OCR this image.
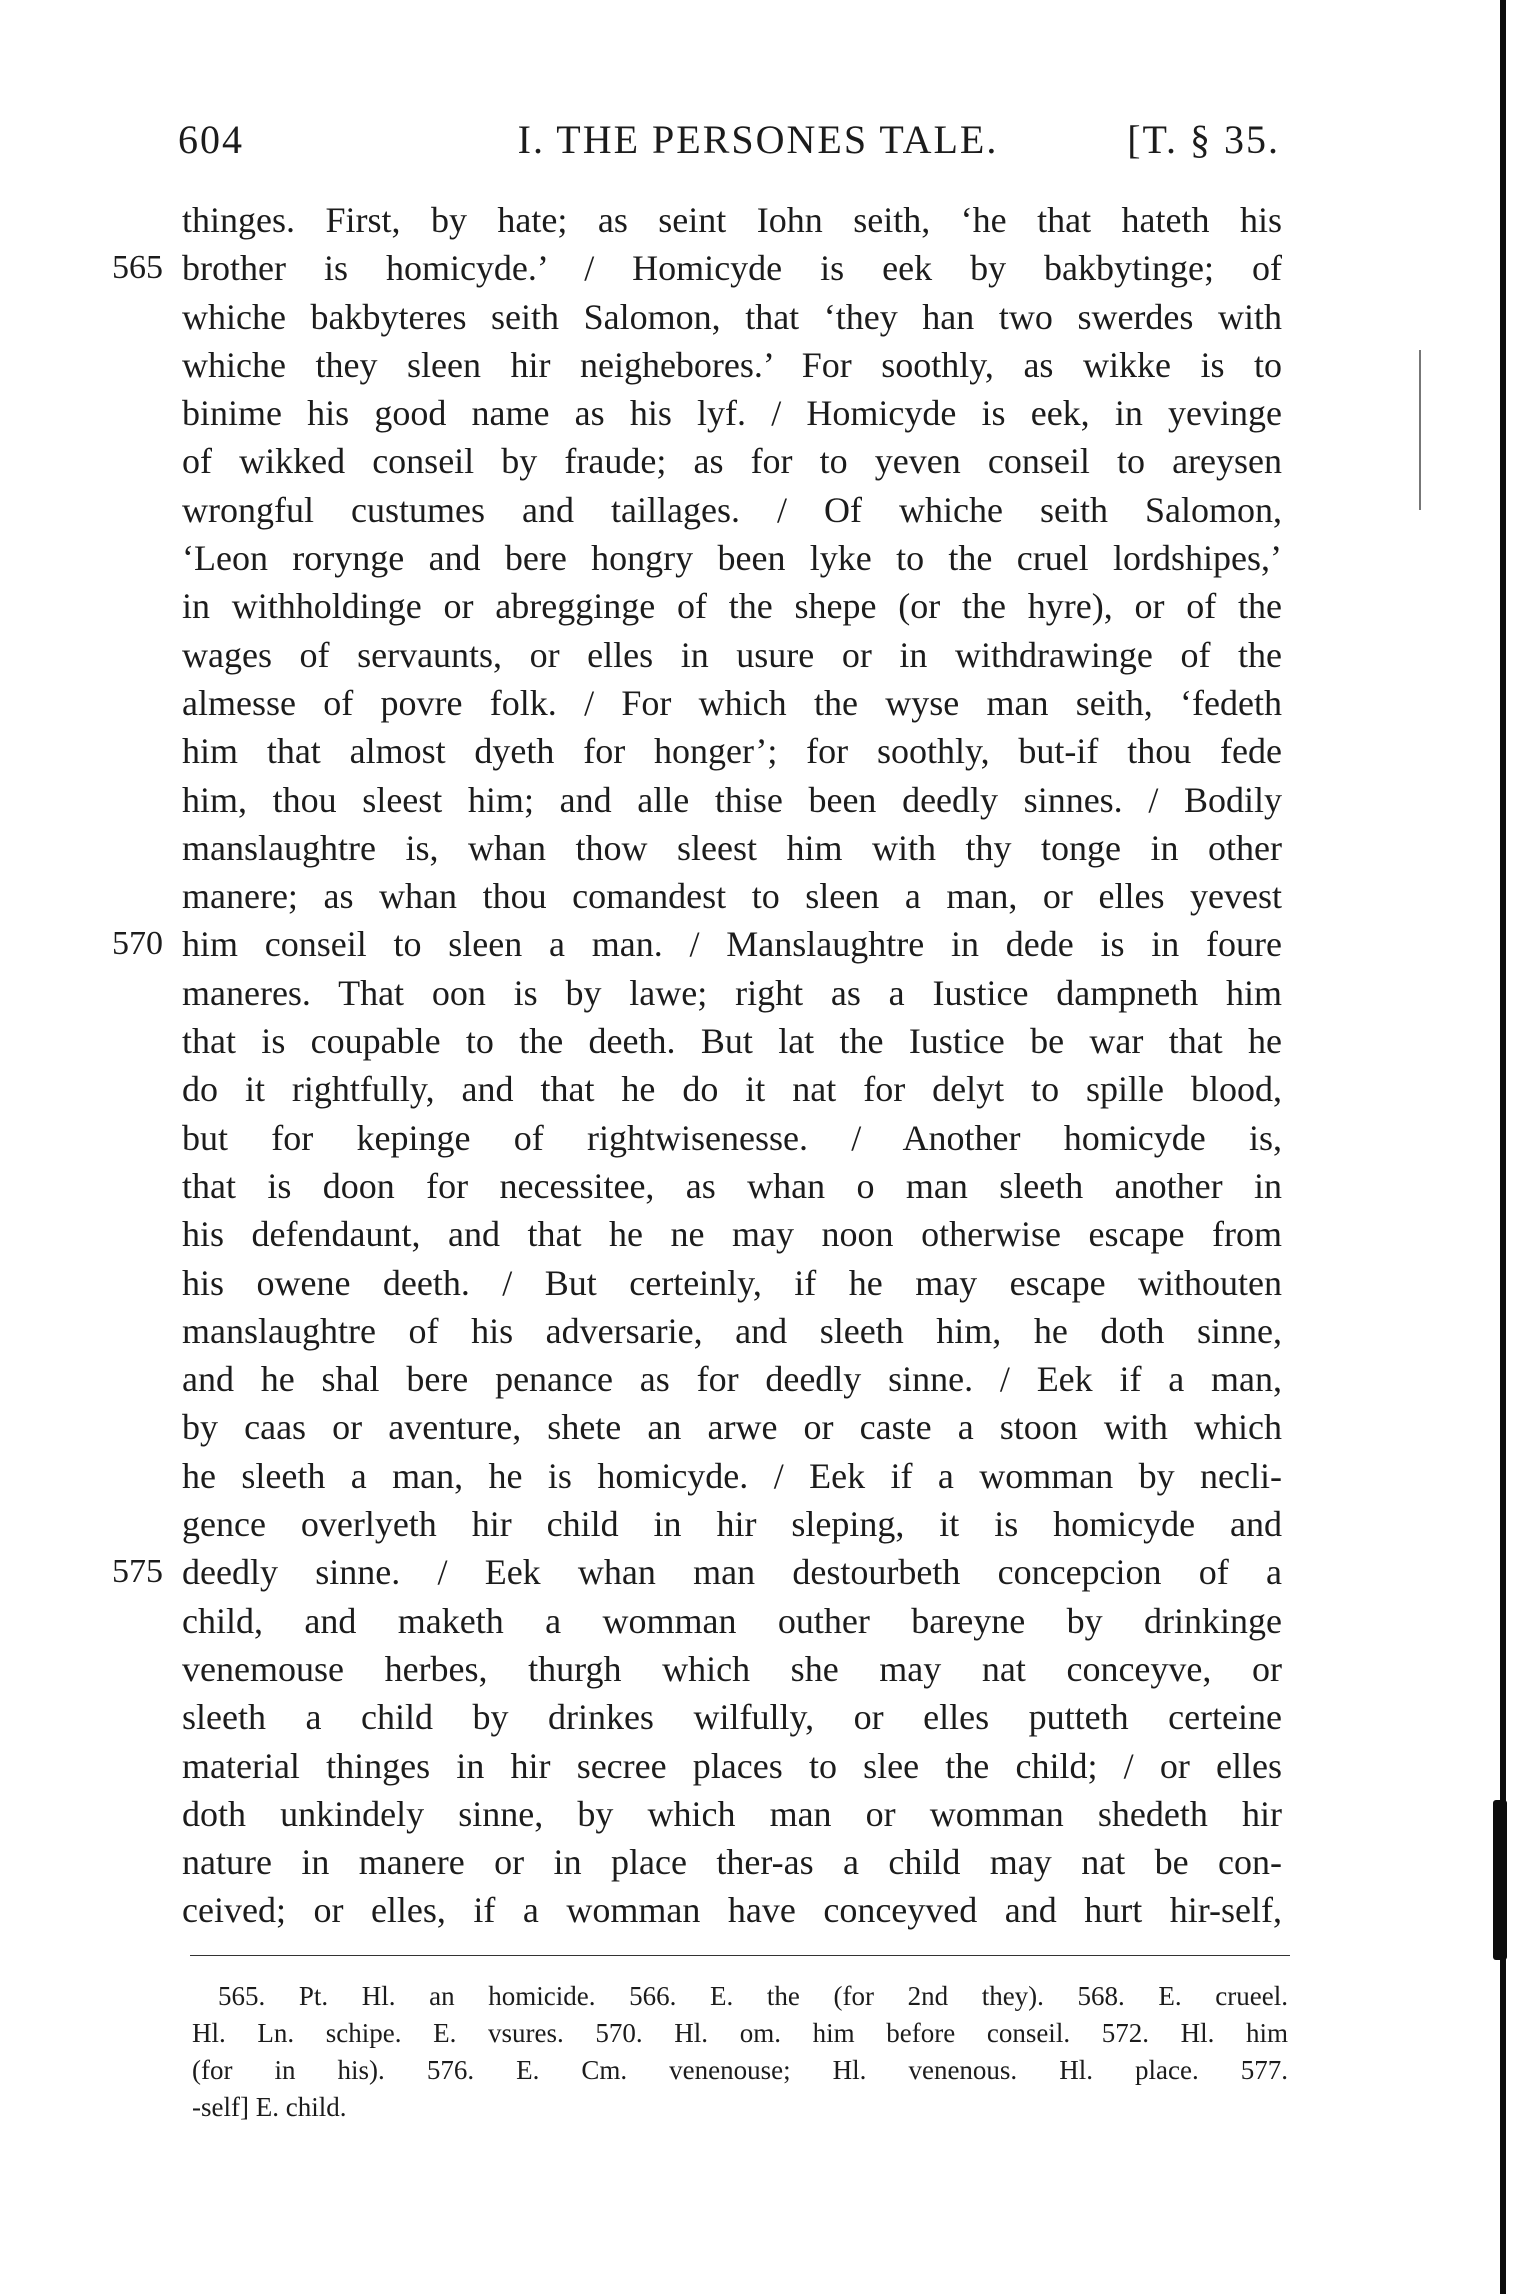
604	I. THE PERSONES TALE.	[T. § 35.
thinges. First, by hate; as seint Iohn seith, ‘he that hateth his
565 brother is homicyde.’ / Homicyde is eek by bakbytinge; of
whiche bakbyteres seith Salomon, that ‘they han two swerdes with
whiche they sleen hir neighebores.’ For soothly, as wikke is to
binime his good name as his lyf. / Homicyde is eek, in yevinge
of wikked conseil by fraude; as for to yeven conseil to areysen
wrongful custumes and taillages. / Of whiche seith Salomon,
‘Leon rorynge and bere hongry been lyke to the cruel lordshipes,’
in withholdinge or abregginge of the shepe (or the hyre), or of the
wages of servaunts, or elles in usure or in withdrawinge of the
almesse of povre folk. / For which the wyse man seith, ‘fedeth
him that almost dyeth for honger’; for soothly, but-if thou fede
him, thou sleest him; and alle thise been deedly sinnes. / Bodily
manslaughtre is, whan thow sleest him with thy tonge in other
manere; as whan thou comandest to sleen a man, or elles yevest
570 him conseil to sleen a man. / Manslaughtre in dede is in foure
maneres. That oon is by lawe; right as a Iustice dampneth him
that is coupable to the deeth. But lat the Iustice be war that he
do it rightfully, and that he do it nat for delyt to spille blood,
but for kepinge of rightwisenesse. / Another homicyde is,
that is doon for necessitee, as whan o man sleeth another in
his defendaunt, and that he ne may noon otherwise escape from
his owene deeth. / But certeinly, if he may escape withouten
manslaughtre of his adversarie, and sleeth him, he doth sinne,
and he shal bere penance as for deedly sinne. / Eek if a man,
by caas or aventure, shete an arwe or caste a stoon with which
he sleeth a man, he is homicyde. / Eek if a womman by necli-
gence overlyeth hir child in hir sleping, it is homicyde and
575 deedly sinne. / Eek whan man destourbeth concepcion of a
child, and maketh a womman outher bareyne by drinkinge
venemouse herbes, thurgh which she may nat conceyve, or
sleeth a child by drinkes wilfully, or elles putteth certeine
material thinges in hir secree places to slee the child; / or elles
doth unkindely sinne, by which man or womman shedeth hir
nature in manere or in place ther-as a child may nat be con-
ceived; or elles, if a womman have conceyved and hurt hir-self,
565. Pt. Hl. an homicide. 566. E. the (for 2nd they). 568. E. crueel.
Hl. Ln. schipe. E. vsures. 570. Hl. om. him before conseil. 572. Hl. him
(for in his). 576. E. Cm. venenouse; Hl. venenous. Hl. place. 577.
-self] E. child.
